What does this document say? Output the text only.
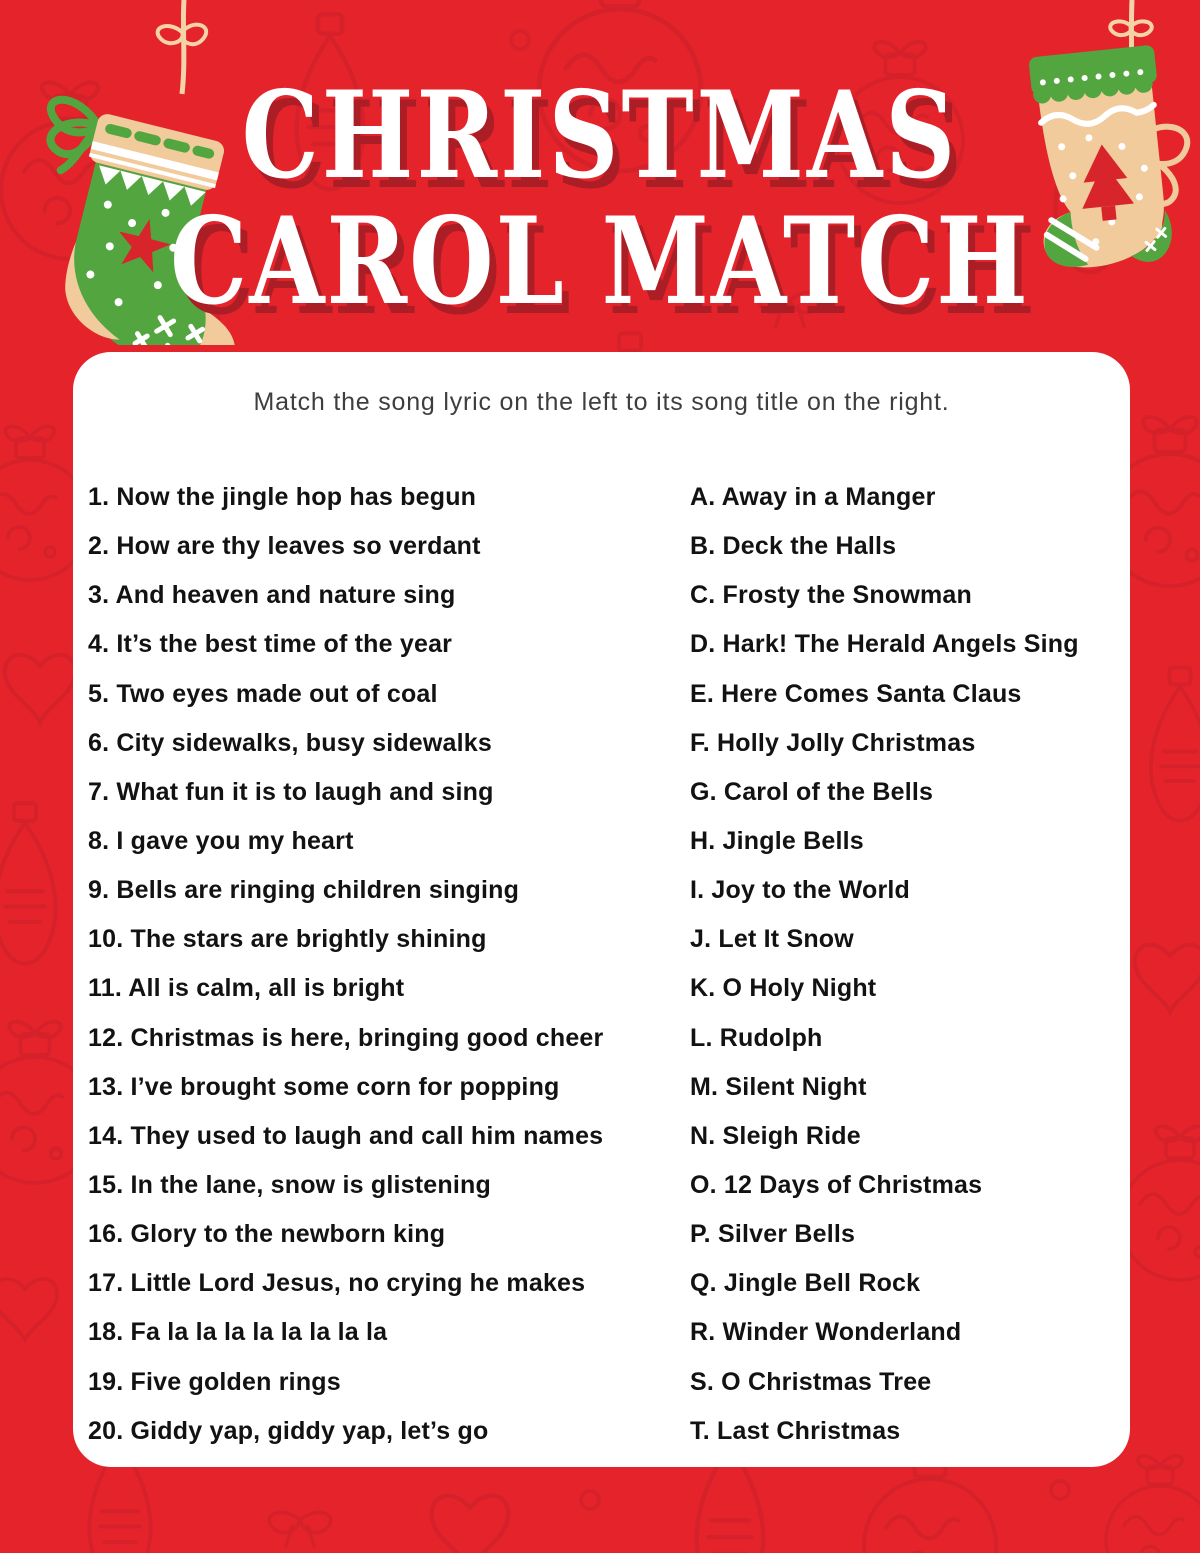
CHRISTMAS
CAROL MATCH
Match the song lyric on the left to its song title on the right.
1. Now the jingle hop has begun
2. How are thy leaves so verdant
3. And heaven and nature sing
4. It’s the best time of the year
5. Two eyes made out of coal
6. City sidewalks, busy sidewalks
7. What fun it is to laugh and sing
8. I gave you my heart
9. Bells are ringing children singing
10. The stars are brightly shining
11. All is calm, all is bright
12. Christmas is here, bringing good cheer
13. I’ve brought some corn for popping
14. They used to laugh and call him names
15. In the lane, snow is glistening
16. Glory to the newborn king
17. Little Lord Jesus, no crying he makes
18. Fa la la la la la la la la
19. Five golden rings
20. Giddy yap, giddy yap, let’s go
A. Away in a Manger
B. Deck the Halls
C. Frosty the Snowman
D. Hark! The Herald Angels Sing
E. Here Comes Santa Claus
F. Holly Jolly Christmas
G. Carol of the Bells
H. Jingle Bells
I. Joy to the World
J. Let It Snow
K. O Holy Night
L. Rudolph
M. Silent Night
N. Sleigh Ride
O. 12 Days of Christmas
P. Silver Bells
Q. Jingle Bell Rock
R. Winder Wonderland
S. O Christmas Tree
T. Last Christmas
